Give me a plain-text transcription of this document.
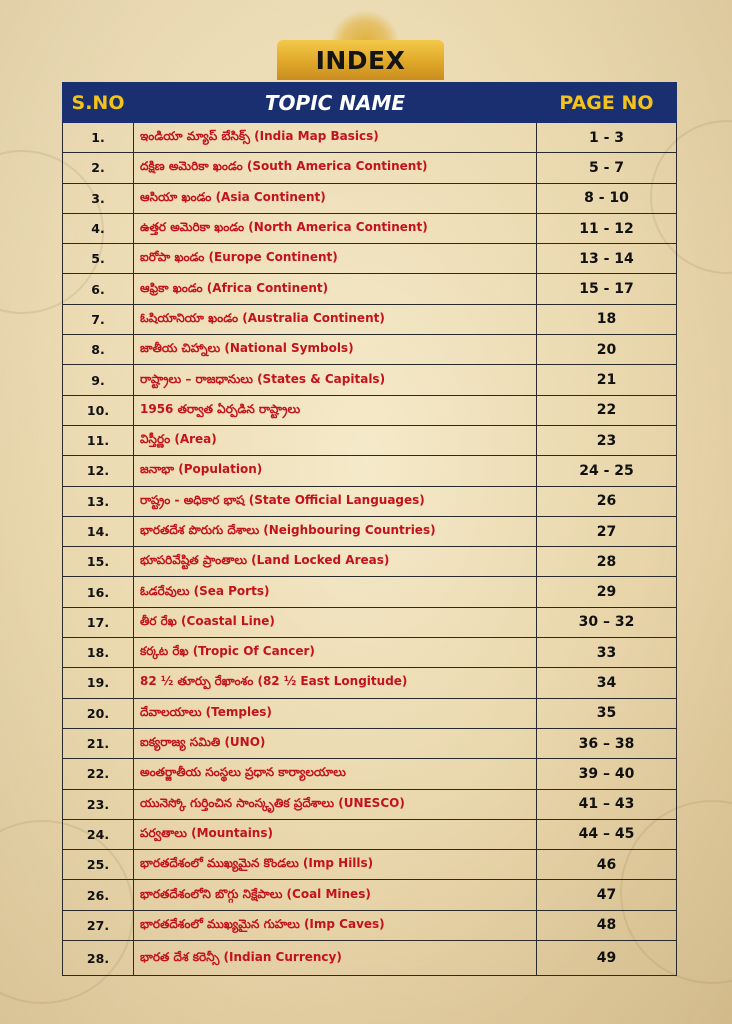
INDEX
S.NO	TOPIC NAME	PAGE NO
1.	ఇండియా మ్యాప్ బేసిక్స్ (India Map Basics)	1 - 3
2.	దక్షిణ అమెరికా ఖండం (South America Continent)	5 - 7
3.	ఆసియా ఖండం (Asia Continent)	8 - 10
4.	ఉత్తర అమెరికా ఖండం (North America Continent)	11 - 12
5.	ఐరోపా ఖండం (Europe Continent)	13 - 14
6.	ఆఫ్రికా ఖండం (Africa Continent)	15 - 17
7.	ఓషియానియా ఖండం (Australia Continent)	18
8.	జాతీయ చిహ్నాలు (National Symbols)	20
9.	రాష్ట్రాలు – రాజధానులు (States & Capitals)	21
10.	1956 తర్వాత ఏర్పడిన రాష్ట్రాలు	22
11.	విస్తీర్ణం (Area)	23
12.	జనాభా (Population)	24 - 25
13.	రాష్ట్రం - అధికార భాష (State Official Languages)	26
14.	భారతదేశ పొరుగు దేశాలు (Neighbouring Countries)	27
15.	భూపరివేష్టిత ప్రాంతాలు (Land Locked Areas)	28
16.	ఓడరేవులు (Sea Ports)	29
17.	తీర రేఖ (Coastal Line)	30 – 32
18.	కర్కట రేఖ (Tropic Of Cancer)	33
19.	82 ½ తూర్పు రేఖాంశం (82 ½ East Longitude)	34
20.	దేవాలయాలు (Temples)	35
21.	ఐక్యరాజ్య సమితి (UNO)	36 – 38
22.	అంతర్జాతీయ సంస్థలు ప్రధాన కార్యాలయాలు	39 – 40
23.	యునెస్కో గుర్తించిన సాంస్కృతిక ప్రదేశాలు (UNESCO)	41 – 43
24.	పర్వతాలు (Mountains)	44 – 45
25.	భారతదేశంలో ముఖ్యమైన కొండలు (Imp Hills)	46
26.	భారతదేశంలోని బొగ్గు నిక్షేపాలు (Coal Mines)	47
27.	భారతదేశంలో ముఖ్యమైన గుహలు (Imp Caves)	48
28.	భారత దేశ కరెన్సీ (Indian Currency)	49
